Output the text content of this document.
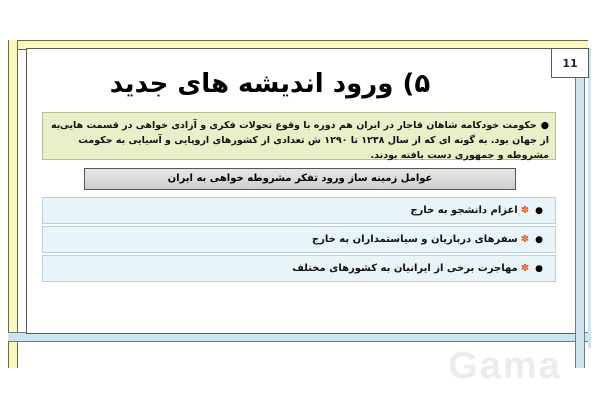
11
۵) ورود اندیشه های جدید
●حکومت خودکامه شاهان قاجار در ایران هم دوره با وقوع تحولات فکری و آزادی خواهی در قسمت هایی از جهان بود. به گونه ای که از سال ۱۲۳۸ تا ۱۲۹۰ ش تعدادی از کشورهای اروپایی و آسیایی به حکومت مشروطه و جمهوری دست یافته بودند.
به
عوامل زمینه ساز ورود تفکر مشروطه خواهی به ایران
●
✽
اعزام دانشجو به خارج
●
✽
سفرهای درباریان و سیاستمداران به خارج
●
✽
مهاجرت برخی از ایرانیان به کشورهای مختلف
Gama
